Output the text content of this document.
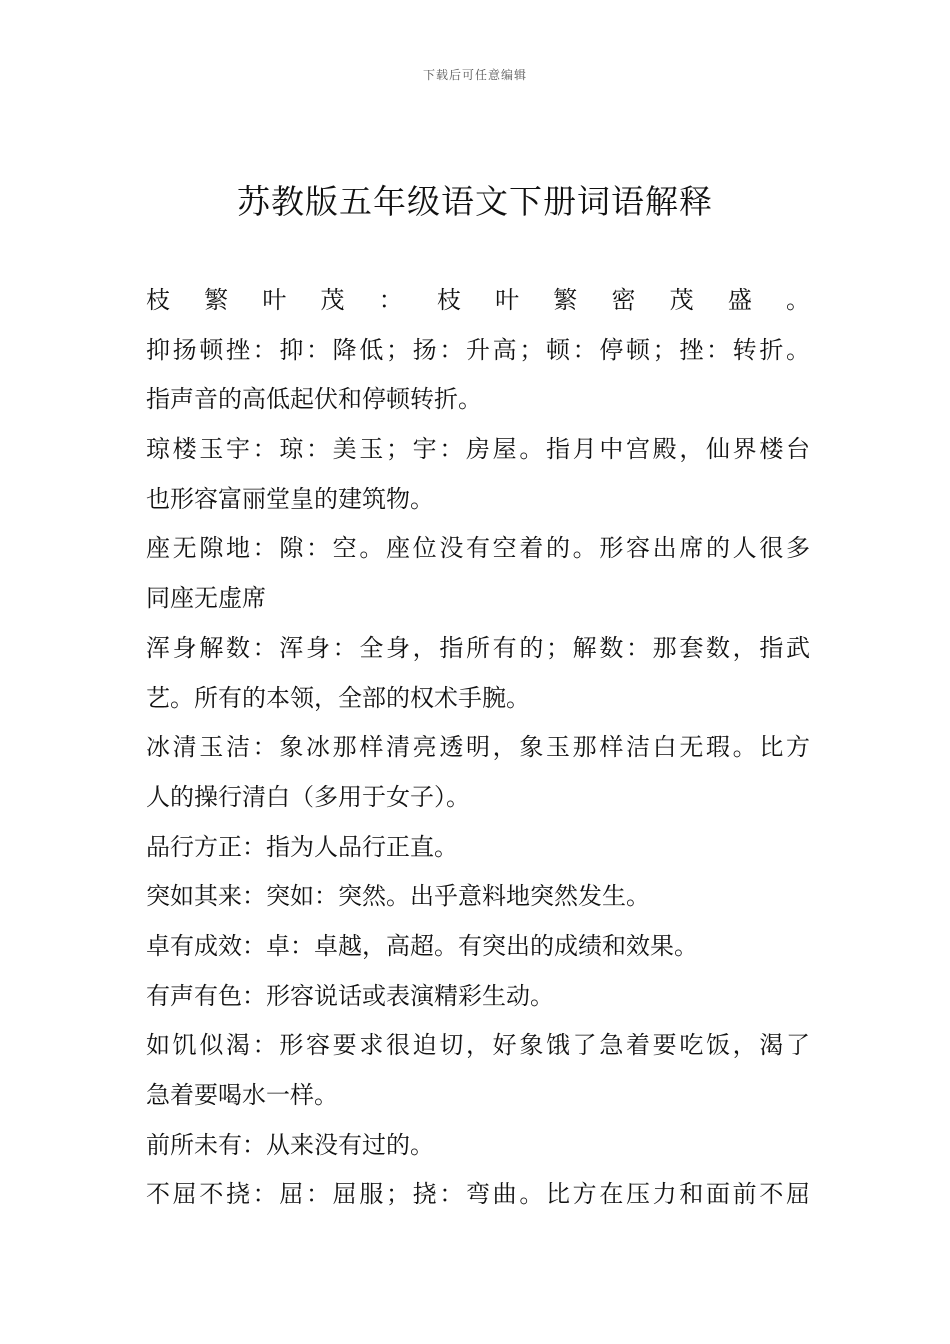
下载后可任意编辑
苏教版五年级语文下册词语解释
枝繁叶茂：枝叶繁密茂盛。
抑扬顿挫：抑：降低；扬：升高；顿：停顿；挫：转折。
指声音的高低起伏和停顿转折。
琼楼玉宇：琼：美玉；宇：房屋。指月中宫殿，仙界楼台
也形容富丽堂皇的建筑物。
座无隙地：隙：空。座位没有空着的。形容出席的人很多
同座无虚席
浑身解数：浑身：全身，指所有的；解数：那套数，指武
艺。所有的本领，全部的权术手腕。
冰清玉洁：象冰那样清亮透明，象玉那样洁白无瑕。比方
人的操行清白（多用于女子）。
品行方正：指为人品行正直。
突如其来：突如：突然。出乎意料地突然发生。
卓有成效：卓：卓越，高超。有突出的成绩和效果。
有声有色：形容说话或表演精彩生动。
如饥似渴：形容要求很迫切，好象饿了急着要吃饭，渴了
急着要喝水一样。
前所未有：从来没有过的。
不屈不挠：屈：屈服；挠：弯曲。比方在压力和面前不屈
